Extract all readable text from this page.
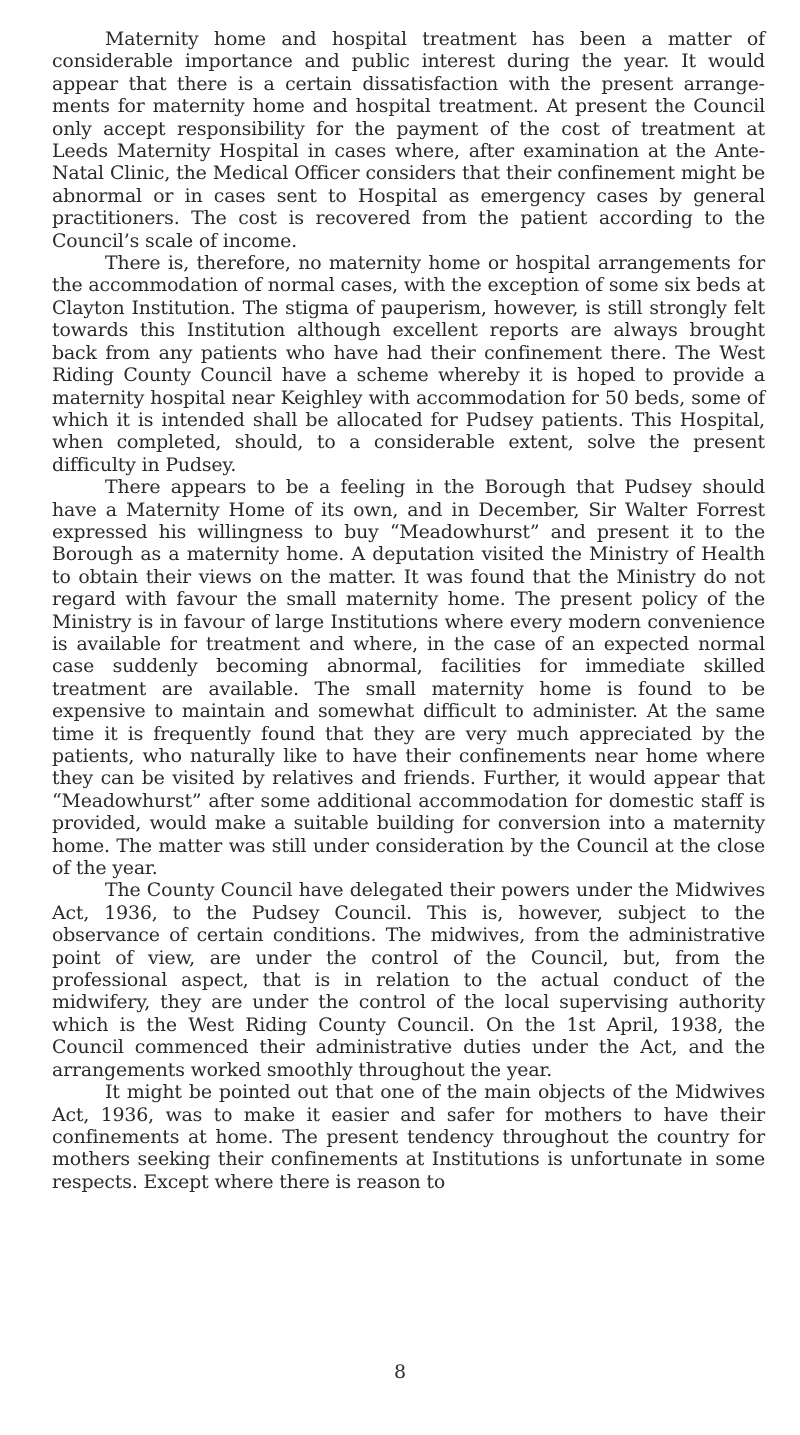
Maternity home and hospital treatment has been a matter of considerable importance and public interest during the year. It would appear that there is a certain dissatisfaction with the present arrangements for maternity home and hospital treatment. At present the Council only accept responsibility for the payment of the cost of treatment at Leeds Maternity Hospital in cases where, after examination at the Ante-Natal Clinic, the Medical Officer considers that their confinement might be abnormal or in cases sent to Hospital as emergency cases by general practitioners. The cost is recovered from the patient according to the Council’s scale of income.

There is, therefore, no maternity home or hospital arrangements for the accommodation of normal cases, with the exception of some six beds at Clayton Institution. The stigma of pauperism, however, is still strongly felt towards this Institution although excellent reports are always brought back from any patients who have had their confinement there. The West Riding County Council have a scheme whereby it is hoped to provide a maternity hospital near Keighley with accommodation for 50 beds, some of which it is intended shall be allocated for Pudsey patients. This Hospital, when completed, should, to a considerable extent, solve the present difficulty in Pudsey.

There appears to be a feeling in the Borough that Pudsey should have a Maternity Home of its own, and in December, Sir Walter Forrest expressed his willingness to buy “Meadowhurst” and present it to the Borough as a maternity home. A deputation visited the Ministry of Health to obtain their views on the matter. It was found that the Ministry do not regard with favour the small maternity home. The present policy of the Ministry is in favour of large Institutions where every modern convenience is available for treatment and where, in the case of an expected normal case suddenly becoming abnormal, facilities for immediate skilled treatment are available. The small maternity home is found to be expensive to maintain and somewhat difficult to administer. At the same time it is frequently found that they are very much appreciated by the patients, who naturally like to have their confinements near home where they can be visited by relatives and friends. Further, it would appear that “Meadowhurst” after some additional accommodation for domestic staff is provided, would make a suitable building for conversion into a maternity home. The matter was still under consideration by the Council at the close of the year.

The County Council have delegated their powers under the Midwives Act, 1936, to the Pudsey Council. This is, however, subject to the observance of certain conditions. The midwives, from the administrative point of view, are under the control of the Council, but, from the professional aspect, that is in relation to the actual conduct of the midwifery, they are under the control of the local supervising authority which is the West Riding County Council. On the 1st April, 1938, the Council commenced their administrative duties under the Act, and the arrangements worked smoothly throughout the year.

It might be pointed out that one of the main objects of the Midwives Act, 1936, was to make it easier and safer for mothers to have their confinements at home. The present tendency throughout the country for mothers seeking their confinements at Institutions is unfortunate in some respects. Except where there is reason to

8
